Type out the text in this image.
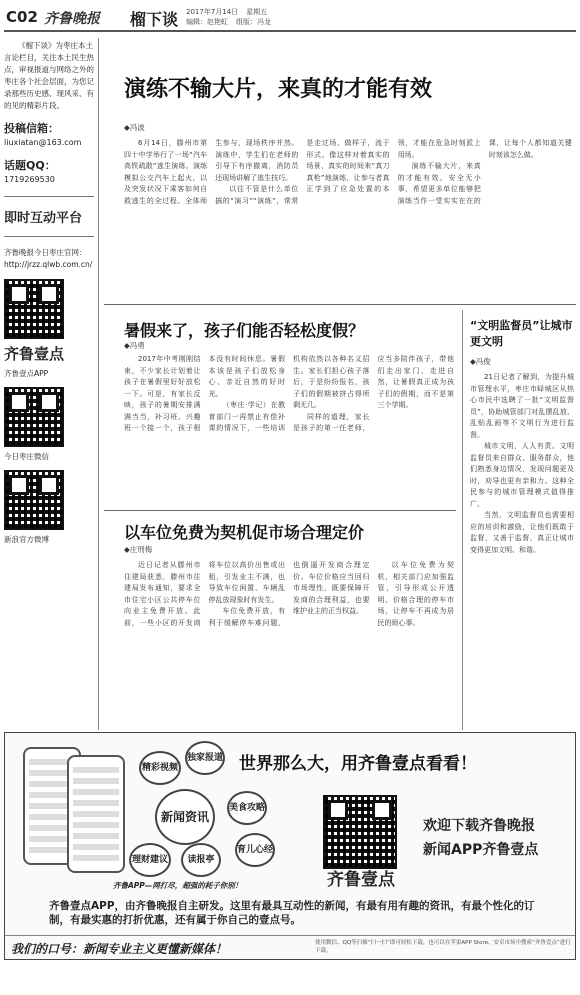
C02 齐鲁晚报 榴下谈 2017年7月14日 星期五
编辑：赵艳虹 组版：冯龙

《榴下谈》为枣庄本土言论栏目，关注本土民生热点，审视报道与网络之外的枣庄各个社会层面，为您记录那些历史感、现风采、有的见的精彩片段。

投稿信箱：
liuxiatan@163.com
话题QQ：
1719269530
即时互动平台
齐鲁晚报今日枣庄官网：
http://jrzz.qlwb.com.cn/
齐鲁壹点
齐鲁壹点APP
今日枣庄微信
新浪官方微博
演练不输大片，来真的才能有效
◆冯波

6月14日，滕州市第四十中学举行了一场“汽车高铁疏散”逃生演练。演练模拟公交汽车上起火，以及突发状况下乘客如何自救逃生的全过程。全体师生参与，现场秩序井然。演练中，学生们在老师的引导下有序撤离，消防员还现场讲解了逃生技巧。

以往不管是什么单位搞的“演习”“演练”，常常是走过场、做样子，流于形式。像这样对着真实的场景、真实的时间来“真刀真枪”地演练，让参与者真正学到了应急处置的本领，才能在危急时刻派上用场。

演练不输大片，来真的才能有效。安全无小事，希望更多单位能够把演练当作一堂实实在在的课，让每个人都知道关键时刻该怎么做。

暑假来了，孩子们能否轻松度假？
◆冯勇

2017年中考刚刚结束，不少家长计划着让孩子在暑假里好好放松一下。可是，有家长反映，孩子的暑期安排满满当当，补习班、兴趣班一个接一个，孩子根本没有时间休息。暑假本该是孩子们放松身心、亲近自然的好时光。

（枣庄·学记）在教育部门一再禁止有偿补课的情况下，一些培训机构依然以各种名义招生。家长们担心孩子落后，于是纷纷报名，孩子们的假期被挤占得所剩无几。

同样的道理，家长是孩子的第一任老师，应当多陪伴孩子，带他们走出家门、走进自然，让暑假真正成为孩子们的假期，而不是第三个学期。

以车位免费为契机促市场合理定价
◆庄刑梅

近日记者从滕州市住建局获悉，滕州市住建局发布通知，要求全市住宅小区公共停车位向业主免费开放。此前，一些小区的开发商将车位以高价出售或出租，引发业主不满，也导致车位闲置、车辆乱停乱放现象时有发生。

车位免费开放，有利于缓解停车难问题，也倒逼开发商合理定价。车位价格应当回归市场理性，既要保障开发商的合理利益，也要维护业主的正当权益。

以车位免费为契机，相关部门应加强监管，引导形成公开透明、价格合理的停车市场，让停车不再成为居民的烦心事。

“文明监督员”让城市更文明
◆冯俊

21日记者了解到，为提升城市管理水平，枣庄市峄城区从热心市民中选聘了一批“文明监督员”，协助城管部门对乱摆乱放、乱贴乱画等不文明行为进行监督。

城市文明，人人有责。文明监督员来自群众、服务群众，他们熟悉身边情况，发现问题更及时，劝导也更有亲和力。这种全民参与的城市管理模式值得推广。

当然，文明监督员也需要相应的培训和激励，让他们既敢于监督，又善于监督，真正让城市变得更加文明、和谐。

精彩视频
独家报道
新闻资讯
美食攻略
理财建议	读报亭
育儿心经
世界那么大，用齐鲁壹点看看！
齐鲁壹点
欢迎下载齐鲁晚报
新闻APP齐鲁壹点
齐鲁APP—网打尽，超强的耗子你别！
齐鲁壹点APP，由齐鲁晚报自主研发。这里有最具互动性的新闻，有最有用有趣的资讯，有最个性化的订制，有最实惠的打折优惠，还有属于你自己的壹点号。
我们的口号：新闻专业主义更懂新媒体！	使用微信、QQ等扫描“扫一扫”即可轻松下载，也可以在苹果APP Store、安卓市场中搜索“齐鲁壹点”进行下载。
